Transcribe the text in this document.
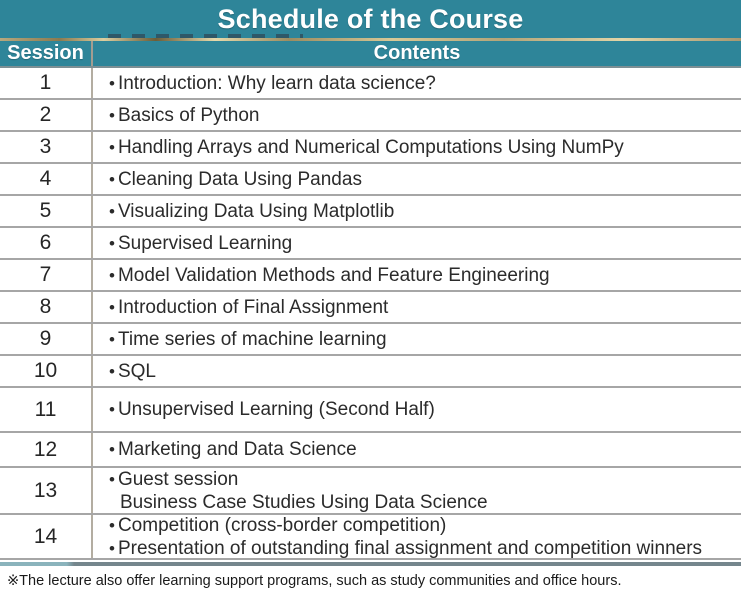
Schedule of the Course
Session	Contents
1	• Introduction: Why learn data science?
2	• Basics of Python
3	• Handling Arrays and Numerical Computations Using NumPy
4	• Cleaning Data Using Pandas
5	• Visualizing Data Using Matplotlib
6	• Supervised Learning
7	• Model Validation Methods and Feature Engineering
8	• Introduction of Final Assignment
9	• Time series of machine learning
10	• SQL
11	• Unsupervised Learning (Second Half)
12	• Marketing and Data Science
13	• Guest session
Business Case Studies Using Data Science
14	• Competition (cross-border competition)
• Presentation of outstanding final assignment and competition winners
※The lecture also offer learning support programs, such as study communities and office hours.
